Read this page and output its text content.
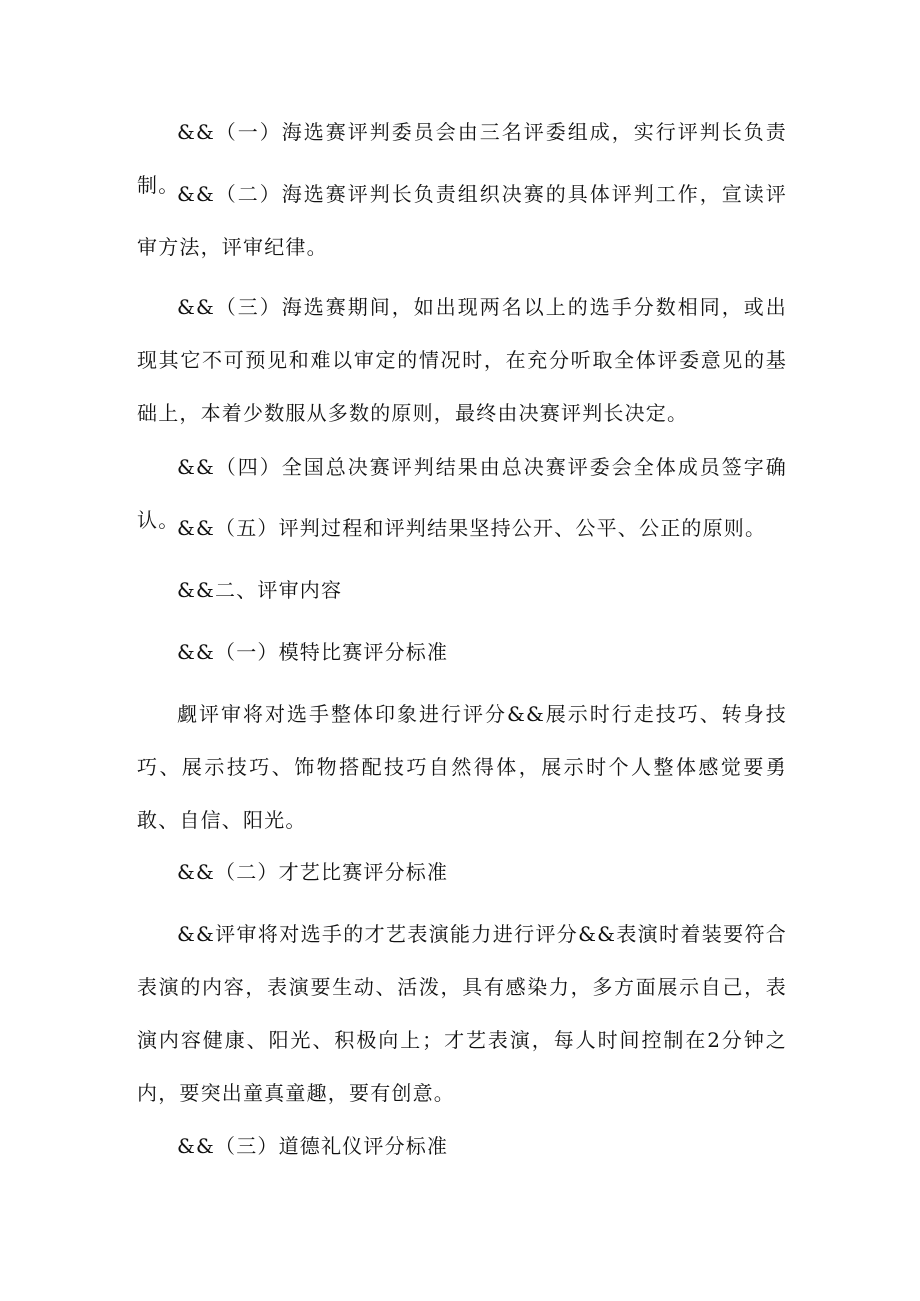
&&（一）海选赛评判委员会由三名评委组成，实行评判长负责制。

&&（二）海选赛评判长负责组织决赛的具体评判工作，宣读评审方法，评审纪律。

&&（三）海选赛期间，如出现两名以上的选手分数相同，或出现其它不可预见和难以审定的情况时，在充分听取全体评委意见的基础上，本着少数服从多数的原则，最终由决赛评判长决定。

&&（四）全国总决赛评判结果由总决赛评委会全体成员签字确认。

&&（五）评判过程和评判结果坚持公开、公平、公正的原则。

&&二、评审内容

&&（一）模特比赛评分标准

觑评审将对选手整体印象进行评分&&展示时行走技巧、转身技巧、展示技巧、饰物搭配技巧自然得体，展示时个人整体感觉要勇敢、自信、阳光。

&&（二）才艺比赛评分标准

&&评审将对选手的才艺表演能力进行评分&&表演时着装要符合表演的内容，表演要生动、活泼，具有感染力，多方面展示自己，表演内容健康、阳光、积极向上；才艺表演，每人时间控制在2分钟之内，要突出童真童趣，要有创意。

&&（三）道德礼仪评分标准
